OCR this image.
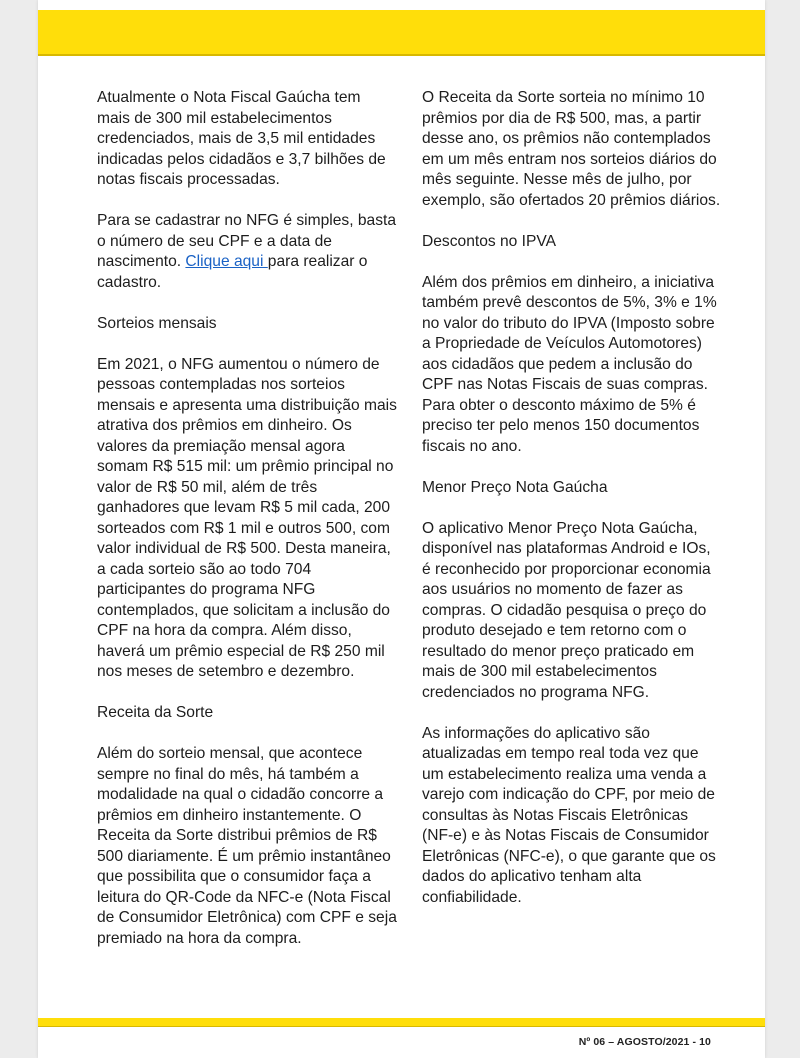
Atualmente o Nota Fiscal Gaúcha tem mais de 300 mil estabelecimentos credenciados, mais de 3,5 mil entidades indicadas pelos cidadãos e 3,7 bilhões de notas fiscais processadas.

Para se cadastrar no NFG é simples, basta o número de seu CPF e a data de nascimento. Clique aqui para realizar o cadastro.

Sorteios mensais

Em 2021, o NFG aumentou o número de pessoas contempladas nos sorteios mensais e apresenta uma distribuição mais atrativa dos prêmios em dinheiro. Os valores da premiação mensal agora somam R$ 515 mil: um prêmio principal no valor de R$ 50 mil, além de três ganhadores que levam R$ 5 mil cada, 200 sorteados com R$ 1 mil e outros 500, com valor individual de R$ 500. Desta maneira, a cada sorteio são ao todo 704 participantes do programa NFG contemplados, que solicitam a inclusão do CPF na hora da compra. Além disso, haverá um prêmio especial de R$ 250 mil nos meses de setembro e dezembro.

Receita da Sorte

Além do sorteio mensal, que acontece sempre no final do mês, há também a modalidade na qual o cidadão concorre a prêmios em dinheiro instantemente. O Receita da Sorte distribui prêmios de R$ 500 diariamente. É um prêmio instantâneo que possibilita que o consumidor faça a leitura do QR-Code da NFC-e (Nota Fiscal de Consumidor Eletrônica) com CPF e seja premiado na hora da compra.

O Receita da Sorte sorteia no mínimo 10 prêmios por dia de R$ 500, mas, a partir desse ano, os prêmios não contemplados em um mês entram nos sorteios diários do mês seguinte. Nesse mês de julho, por exemplo, são ofertados 20 prêmios diários.

Descontos no IPVA

Além dos prêmios em dinheiro, a iniciativa também prevê descontos de 5%, 3% e 1% no valor do tributo do IPVA (Imposto sobre a Propriedade de Veículos Automotores) aos cidadãos que pedem a inclusão do CPF nas Notas Fiscais de suas compras. Para obter o desconto máximo de 5% é preciso ter pelo menos 150 documentos fiscais no ano.

Menor Preço Nota Gaúcha

O aplicativo Menor Preço Nota Gaúcha, disponível nas plataformas Android e IOs, é reconhecido por proporcionar economia aos usuários no momento de fazer as compras. O cidadão pesquisa o preço do produto desejado e tem retorno com o resultado do menor preço praticado em mais de 300 mil estabelecimentos credenciados no programa NFG.

As informações do aplicativo são atualizadas em tempo real toda vez que um estabelecimento realiza uma venda a varejo com indicação do CPF, por meio de consultas às Notas Fiscais Eletrônicas (NF-e) e às Notas Fiscais de Consumidor Eletrônicas (NFC-e), o que garante que os dados do aplicativo tenham alta confiabilidade.

Nº 06 – AGOSTO/2021 - 10
